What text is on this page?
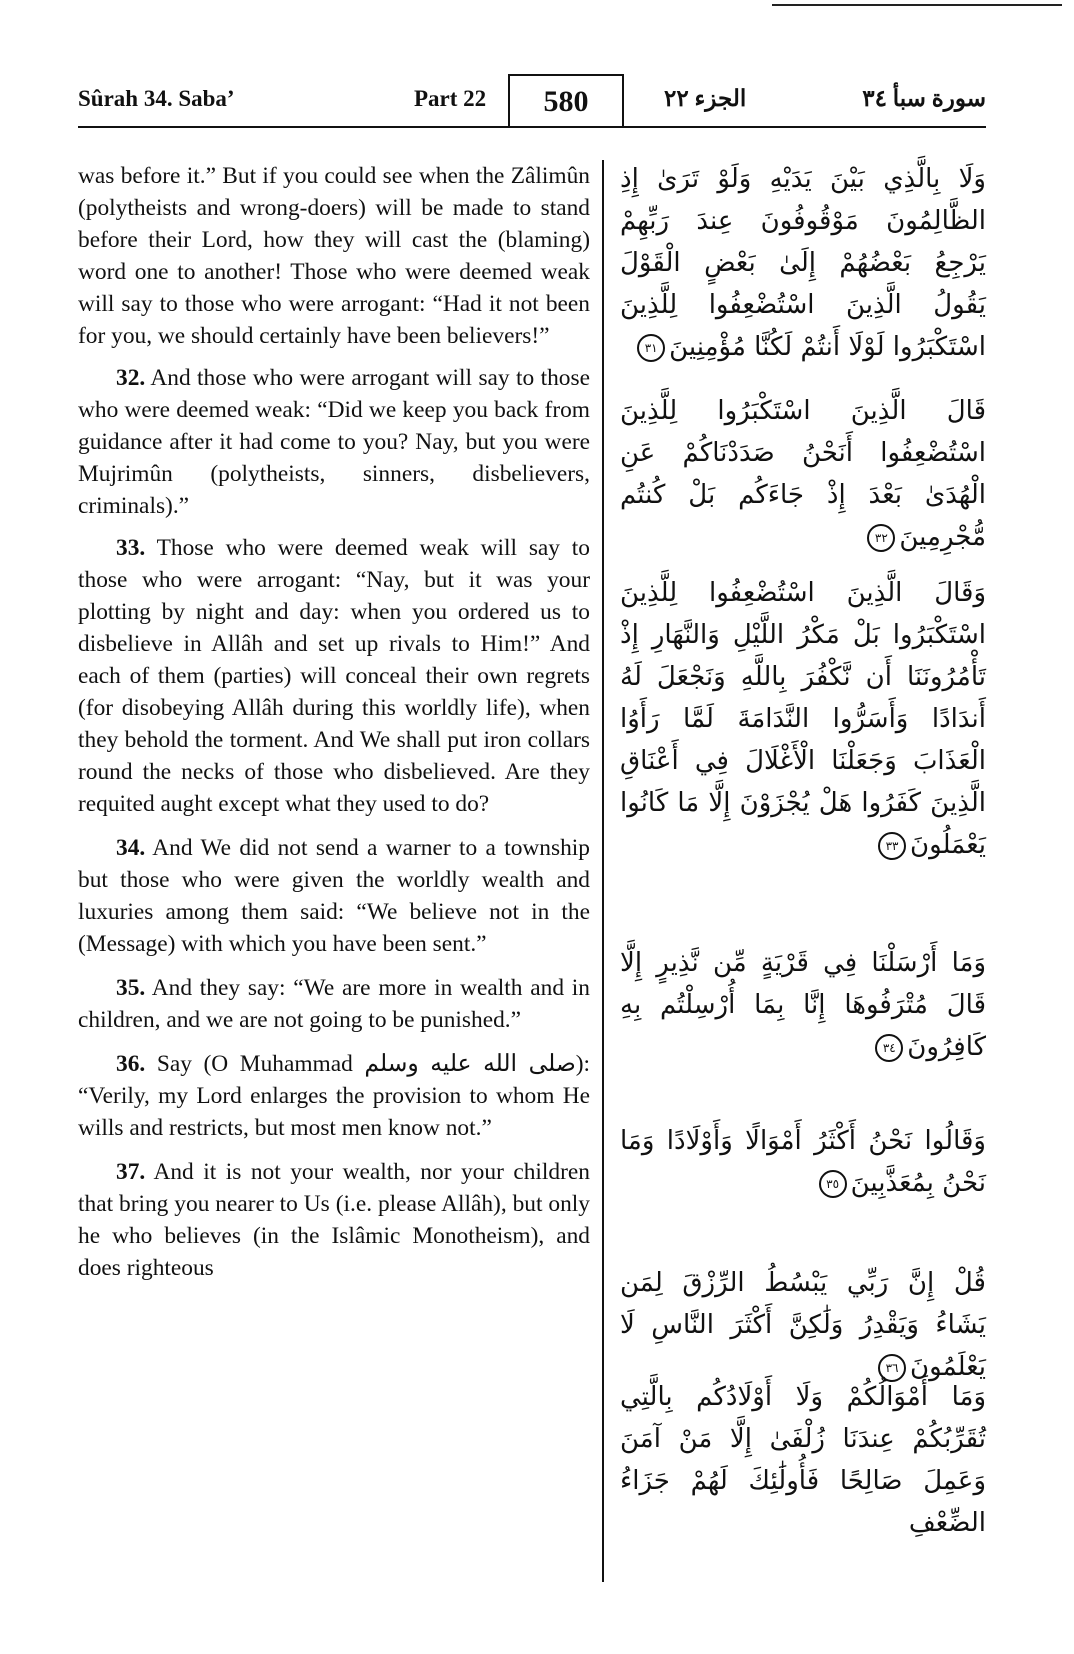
Sûrah 34. Saba’	Part 22	580	الجزء ٢٢	سورة سبأ ٣٤

was before it.” But if you could see when the Zâlimûn (polytheists and wrong-doers) will be made to stand before their Lord, how they will cast the (blaming) word one to another! Those who were deemed weak will say to those who were arrogant: “Had it not been for you, we should certainly have been believers!”

32. And those who were arrogant will say to those who were deemed weak: “Did we keep you back from guidance after it had come to you? Nay, but you were Mujrimûn (polytheists, sinners, disbelievers, criminals).”

33. Those who were deemed weak will say to those who were arrogant: “Nay, but it was your plotting by night and day: when you ordered us to disbelieve in Allâh and set up rivals to Him!” And each of them (parties) will conceal their own regrets (for disobeying Allâh during this worldly life), when they behold the torment. And We shall put iron collars round the necks of those who disbelieved. Are they requited aught except what they used to do?

34. And We did not send a warner to a township but those who were given the worldly wealth and luxuries among them said: “We believe not in the (Message) with which you have been sent.”

35. And they say: “We are more in wealth and in children, and we are not going to be punished.”

36. Say (O Muhammad صلى الله عليه وسلم): “Verily, my Lord enlarges the provision to whom He wills and restricts, but most men know not.”

37. And it is not your wealth, nor your children that bring you nearer to Us (i.e. please Allâh), but only he who believes (in the Islâmic Monotheism), and does righteous

وَلَا بِالَّذِي بَيْنَ يَدَيْهِ وَلَوْ تَرَىٰ إِذِ الظَّالِمُونَ مَوْقُوفُونَ عِندَ رَبِّهِمْ يَرْجِعُ بَعْضُهُمْ إِلَىٰ بَعْضٍ الْقَوْلَ يَقُولُ الَّذِينَ اسْتُضْعِفُوا لِلَّذِينَ اسْتَكْبَرُوا لَوْلَا أَنتُمْ لَكُنَّا مُؤْمِنِينَ٣١
قَالَ الَّذِينَ اسْتَكْبَرُوا لِلَّذِينَ اسْتُضْعِفُوا أَنَحْنُ صَدَدْنَاكُمْ عَنِ الْهُدَىٰ بَعْدَ إِذْ جَاءَكُم بَلْ كُنتُم مُّجْرِمِينَ٣٢
وَقَالَ الَّذِينَ اسْتُضْعِفُوا لِلَّذِينَ اسْتَكْبَرُوا بَلْ مَكْرُ اللَّيْلِ وَالنَّهَارِ إِذْ تَأْمُرُونَنَا أَن نَّكْفُرَ بِاللَّهِ وَنَجْعَلَ لَهُ أَندَادًا وَأَسَرُّوا النَّدَامَةَ لَمَّا رَأَوُا الْعَذَابَ وَجَعَلْنَا الْأَغْلَالَ فِي أَعْنَاقِ الَّذِينَ كَفَرُوا هَلْ يُجْزَوْنَ إِلَّا مَا كَانُوا يَعْمَلُونَ٣٣
وَمَا أَرْسَلْنَا فِي قَرْيَةٍ مِّن نَّذِيرٍ إِلَّا قَالَ مُتْرَفُوهَا إِنَّا بِمَا أُرْسِلْتُم بِهِ كَافِرُونَ٣٤
وَقَالُوا نَحْنُ أَكْثَرُ أَمْوَالًا وَأَوْلَادًا وَمَا نَحْنُ بِمُعَذَّبِينَ٣٥
قُلْ إِنَّ رَبِّي يَبْسُطُ الرِّزْقَ لِمَن يَشَاءُ وَيَقْدِرُ وَلَٰكِنَّ أَكْثَرَ النَّاسِ لَا يَعْلَمُونَ٣٦
وَمَا أَمْوَالُكُمْ وَلَا أَوْلَادُكُم بِالَّتِي تُقَرِّبُكُمْ عِندَنَا زُلْفَىٰ إِلَّا مَنْ آمَنَ وَعَمِلَ صَالِحًا فَأُولَٰئِكَ لَهُمْ جَزَاءُ الضِّعْفِ
